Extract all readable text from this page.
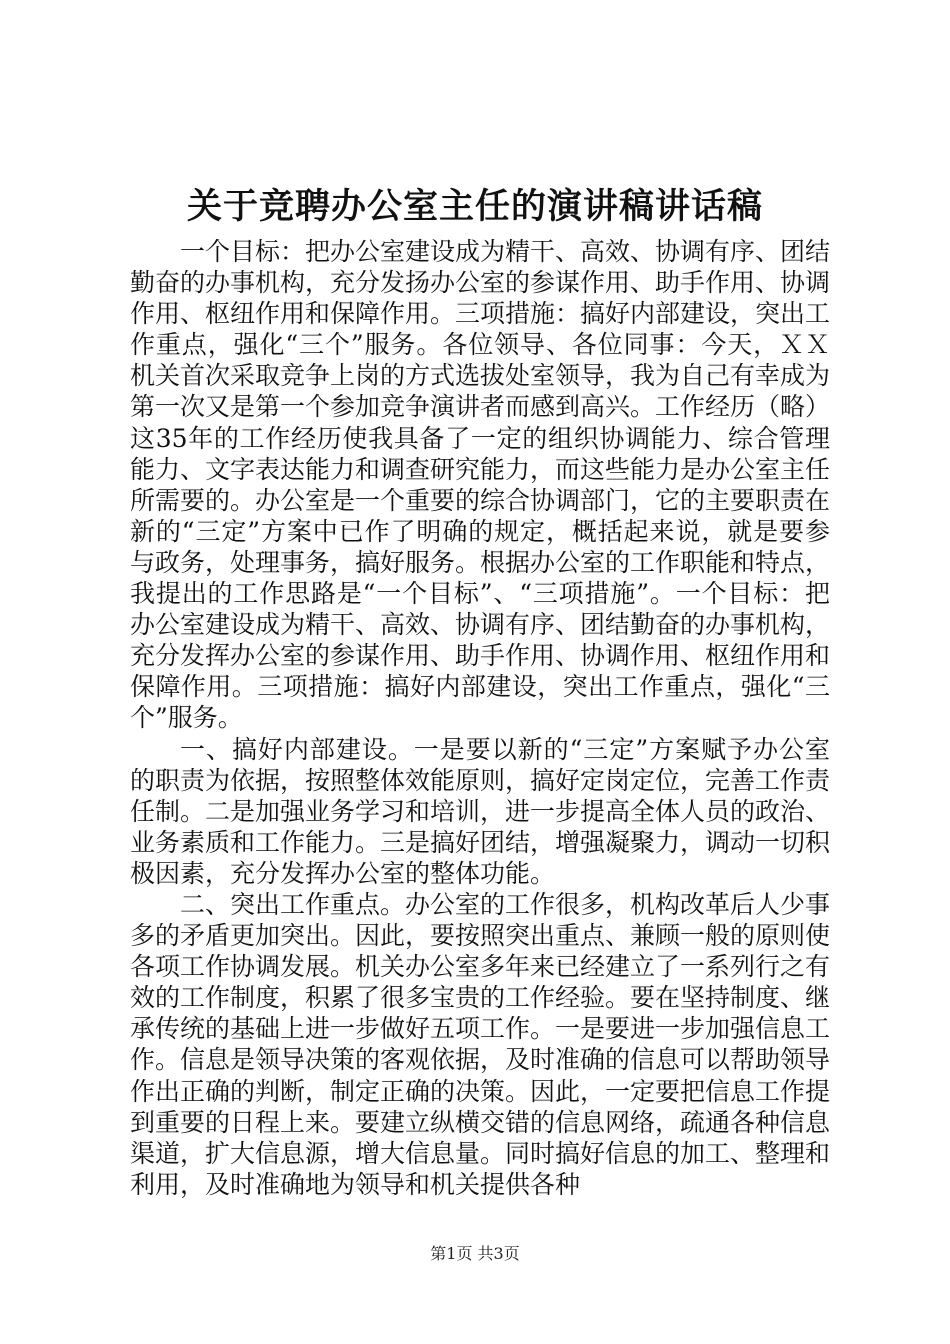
关于竞聘办公室主任的演讲稿讲话稿

一个目标：把办公室建设成为精干、高效、协调有序、团结勤奋的办事机构，充分发扬办公室的参谋作用、助手作用、协调作用、枢纽作用和保障作用。三项措施：搞好内部建设，突出工作重点，强化“三个”服务。各位领导、各位同事：今天，ＸＸ机关首次采取竞争上岗的方式选拔处室领导，我为自己有幸成为第一次又是第一个参加竞争演讲者而感到高兴。工作经历（略）这35年的工作经历使我具备了一定的组织协调能力、综合管理能力、文字表达能力和调查研究能力，而这些能力是办公室主任所需要的。办公室是一个重要的综合协调部门，它的主要职责在新的“三定”方案中已作了明确的规定，概括起来说，就是要参与政务，处理事务，搞好服务。根据办公室的工作职能和特点，我提出的工作思路是“一个目标”、“三项措施”。一个目标：把办公室建设成为精干、高效、协调有序、团结勤奋的办事机构，充分发挥办公室的参谋作用、助手作用、协调作用、枢纽作用和保障作用。三项措施：搞好内部建设，突出工作重点，强化“三个”服务。

一、搞好内部建设。一是要以新的“三定”方案赋予办公室的职责为依据，按照整体效能原则，搞好定岗定位，完善工作责任制。二是加强业务学习和培训，进一步提高全体人员的政治、业务素质和工作能力。三是搞好团结，增强凝聚力，调动一切积极因素，充分发挥办公室的整体功能。

二、突出工作重点。办公室的工作很多，机构改革后人少事多的矛盾更加突出。因此，要按照突出重点、兼顾一般的原则使各项工作协调发展。机关办公室多年来已经建立了一系列行之有效的工作制度，积累了很多宝贵的工作经验。要在坚持制度、继承传统的基础上进一步做好五项工作。一是要进一步加强信息工作。信息是领导决策的客观依据，及时准确的信息可以帮助领导作出正确的判断，制定正确的决策。因此，一定要把信息工作提到重要的日程上来。要建立纵横交错的信息网络，疏通各种信息渠道，扩大信息源，增大信息量。同时搞好信息的加工、整理和利用，及时准确地为领导和机关提供各种

第1页 共3页
